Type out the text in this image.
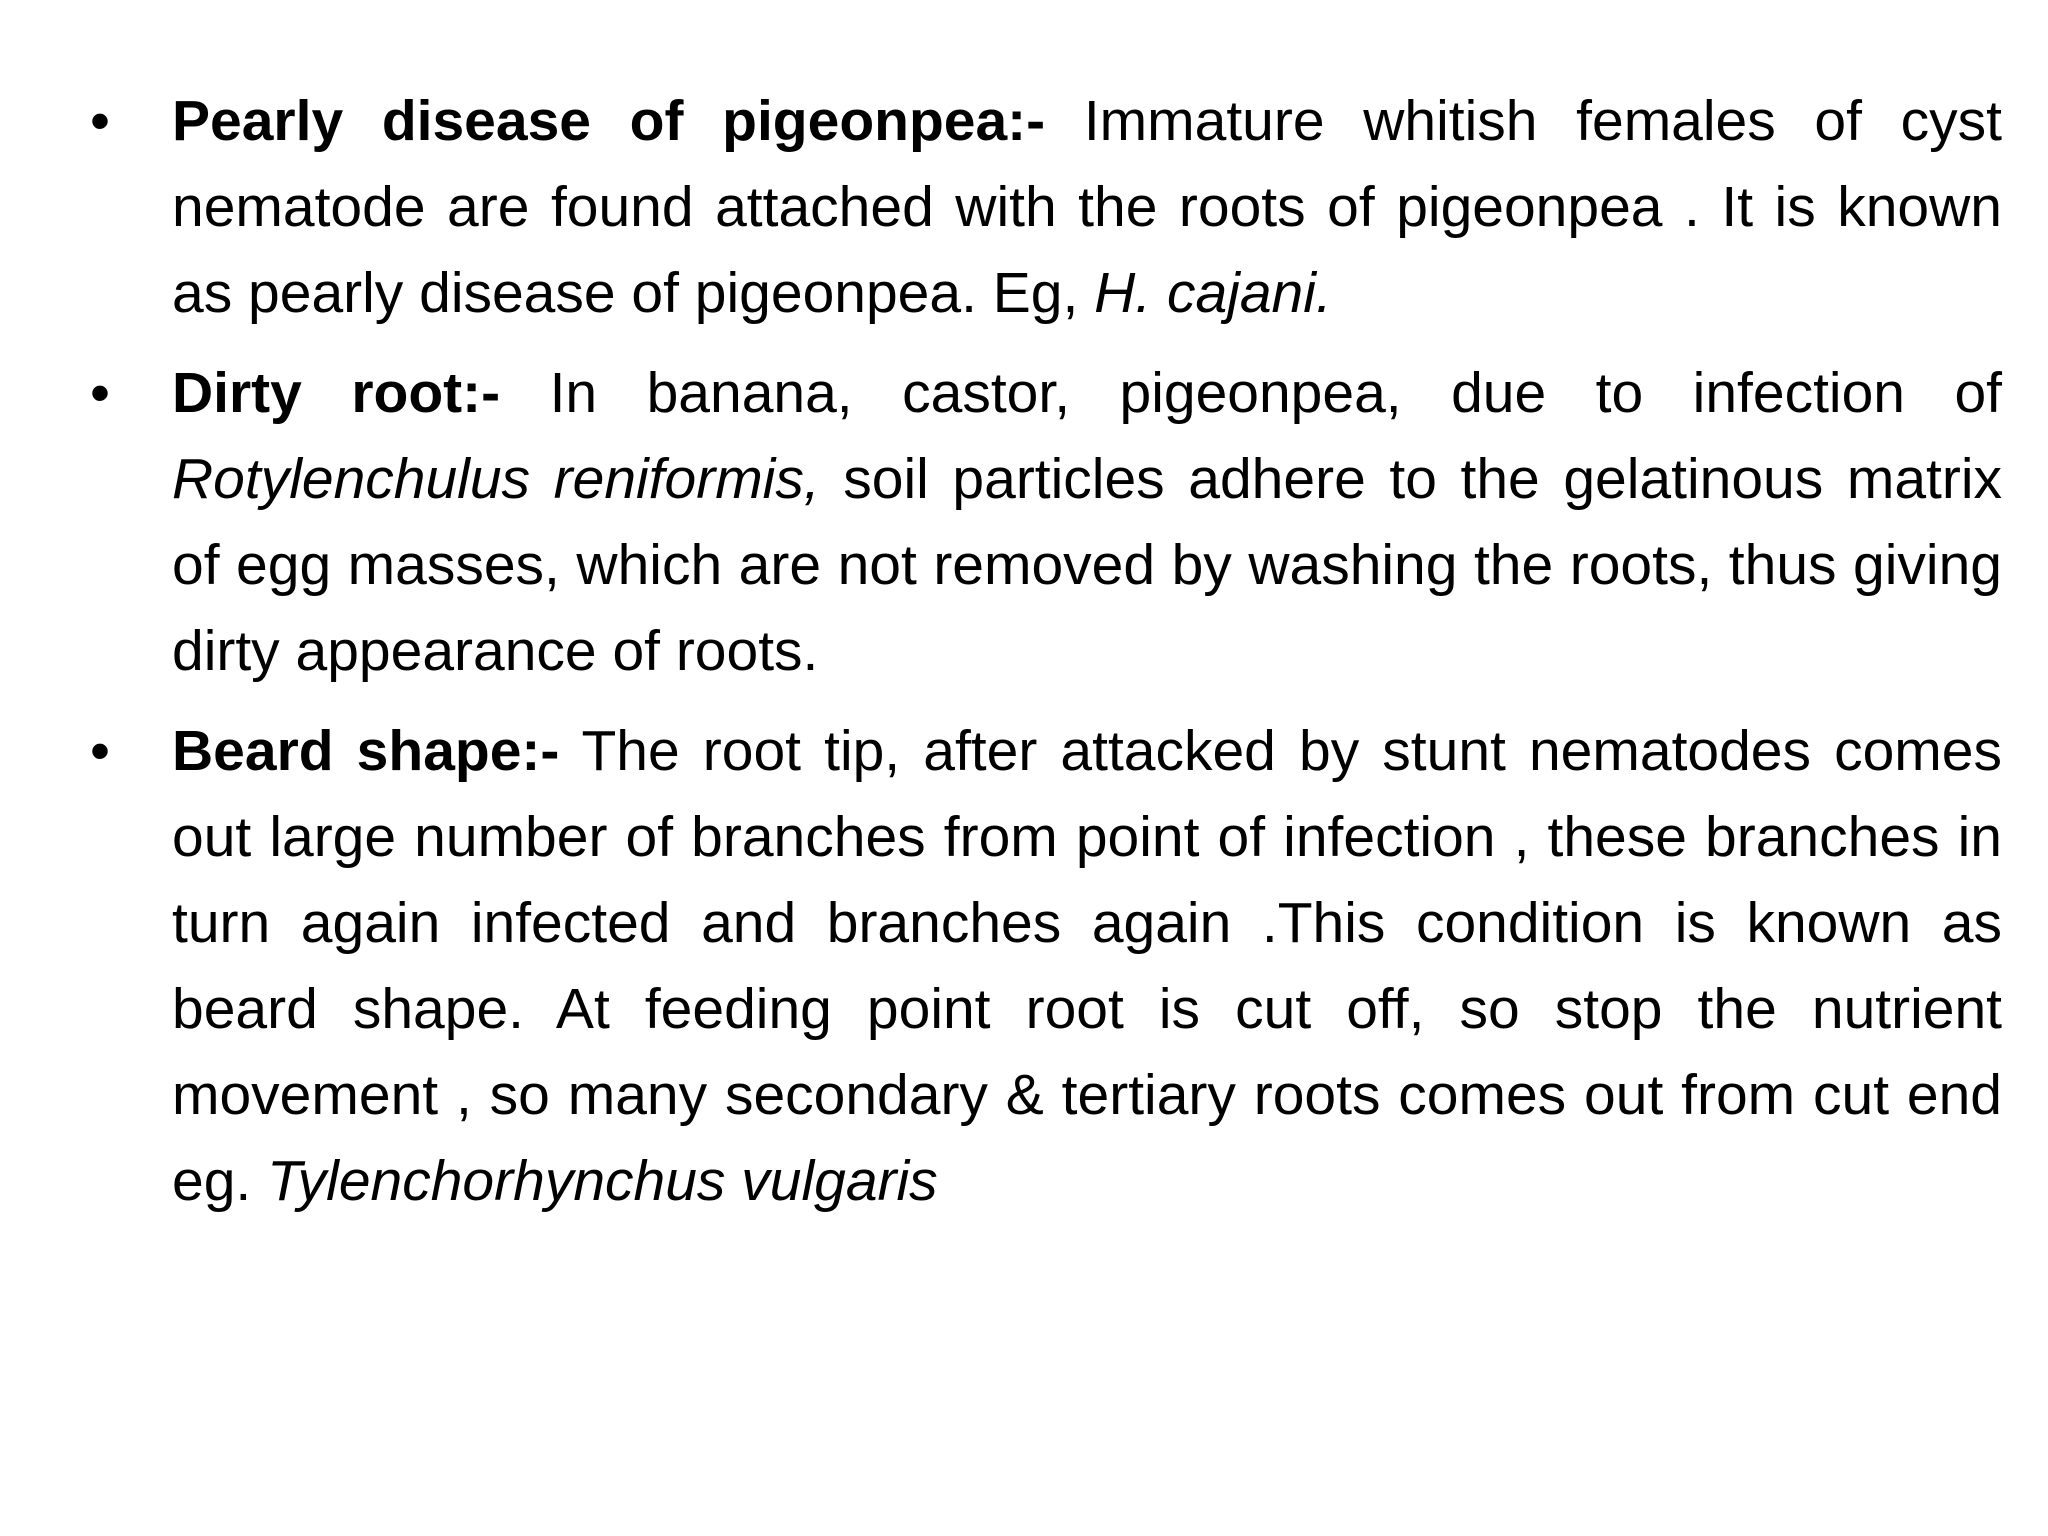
•	Pearly disease of pigeonpea:- Immature whitish females of cyst nematode are found attached with the roots of pigeonpea . It is known as pearly disease of pigeonpea. Eg, H. cajani.
•	Dirty root:- In banana, castor, pigeonpea, due to infection of Rotylenchulus reniformis, soil particles adhere to the gelatinous matrix of egg masses, which are not removed by washing the roots, thus giving dirty appearance of roots.
•	Beard shape:- The root tip, after attacked by stunt nematodes comes out large number of branches from point of infection , these branches in turn again infected and branches again .This condition is known as beard shape. At feeding point root is cut off, so stop the nutrient movement , so many secondary & tertiary roots comes out from cut end eg. Tylenchorhynchus vulgaris
